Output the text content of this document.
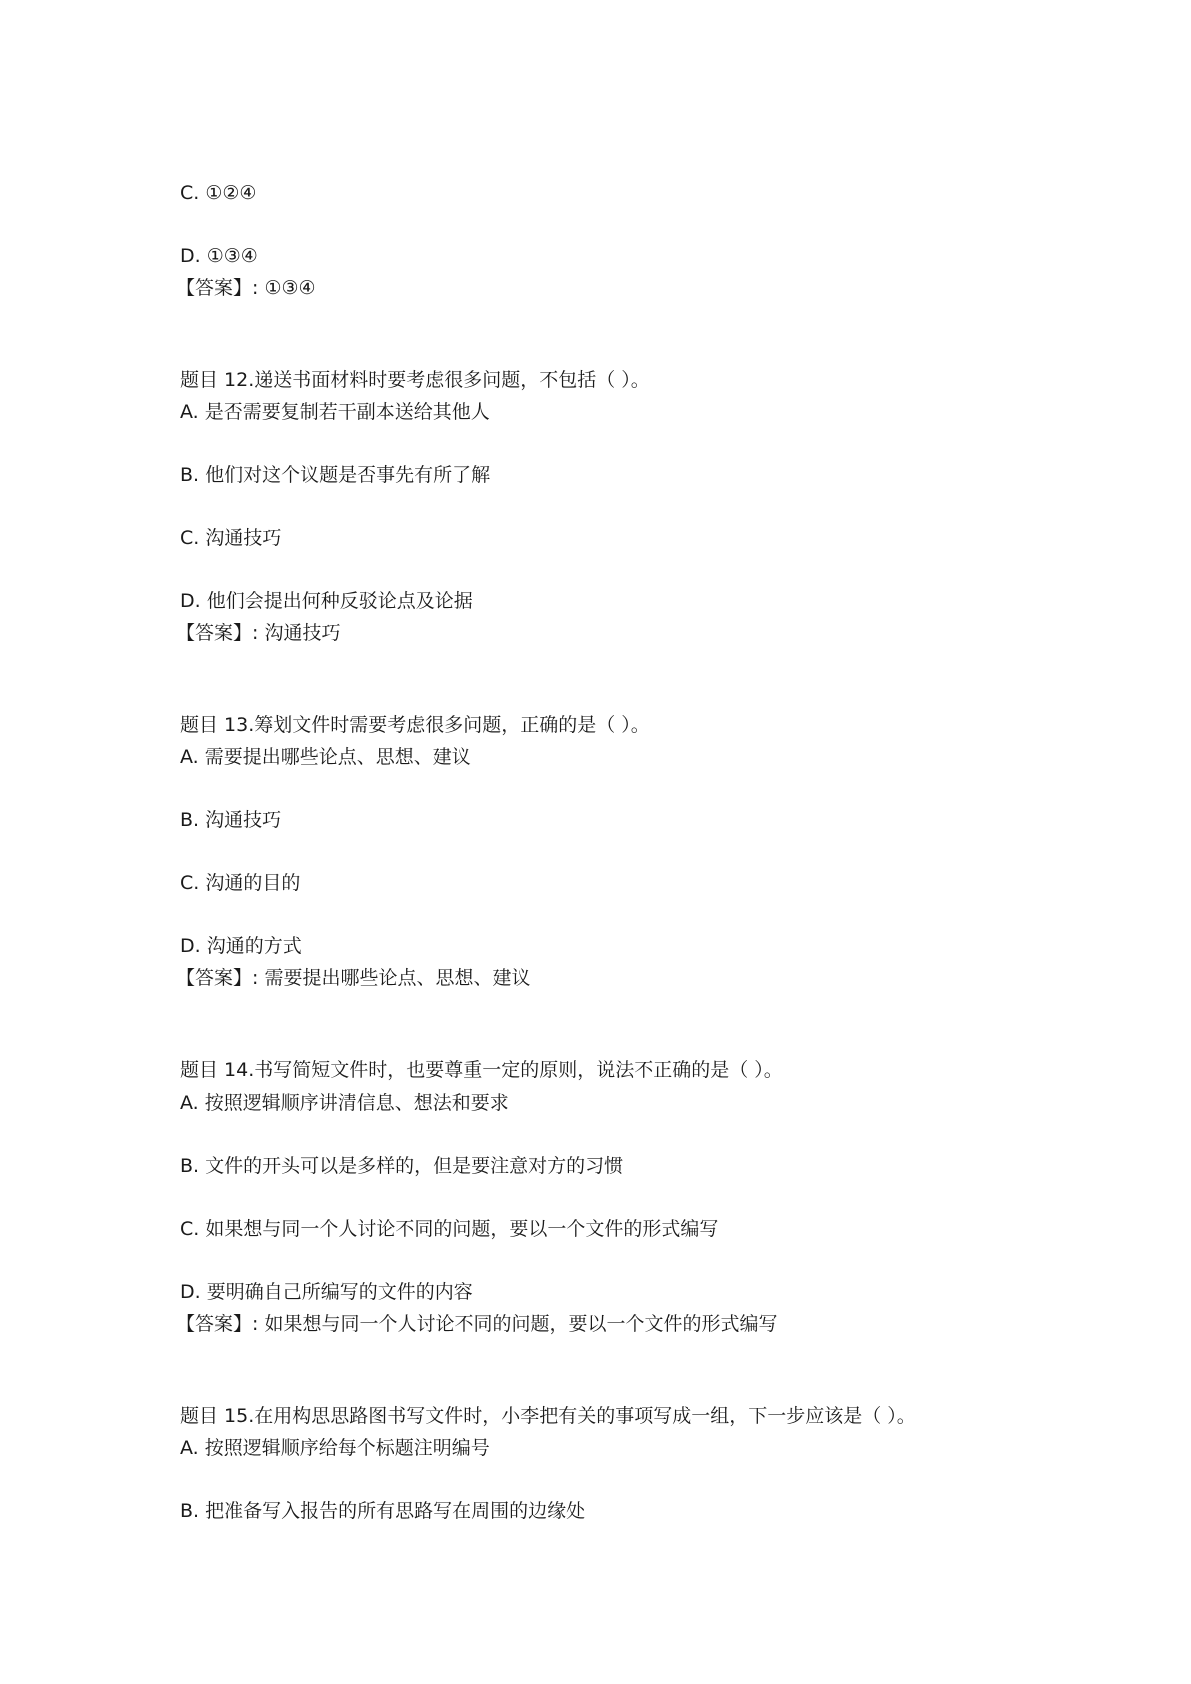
C. ①②④
D. ①③④
【答案】: ①③④
题目 12.递送书面材料时要考虑很多问题，不包括（ ）。
A. 是否需要复制若干副本送给其他人
B. 他们对这个议题是否事先有所了解
C. 沟通技巧
D. 他们会提出何种反驳论点及论据
【答案】: 沟通技巧
题目 13.筹划文件时需要考虑很多问题，正确的是（ ）。
A. 需要提出哪些论点、思想、建议
B. 沟通技巧
C. 沟通的目的
D. 沟通的方式
【答案】: 需要提出哪些论点、思想、建议
题目 14.书写简短文件时，也要尊重一定的原则，说法不正确的是（ ）。
A. 按照逻辑顺序讲清信息、想法和要求
B. 文件的开头可以是多样的，但是要注意对方的习惯
C. 如果想与同一个人讨论不同的问题，要以一个文件的形式编写
D. 要明确自己所编写的文件的内容
【答案】: 如果想与同一个人讨论不同的问题，要以一个文件的形式编写
题目 15.在用构思思路图书写文件时，小李把有关的事项写成一组，下一步应该是（ ）。
A. 按照逻辑顺序给每个标题注明编号
B. 把准备写入报告的所有思路写在周围的边缘处
